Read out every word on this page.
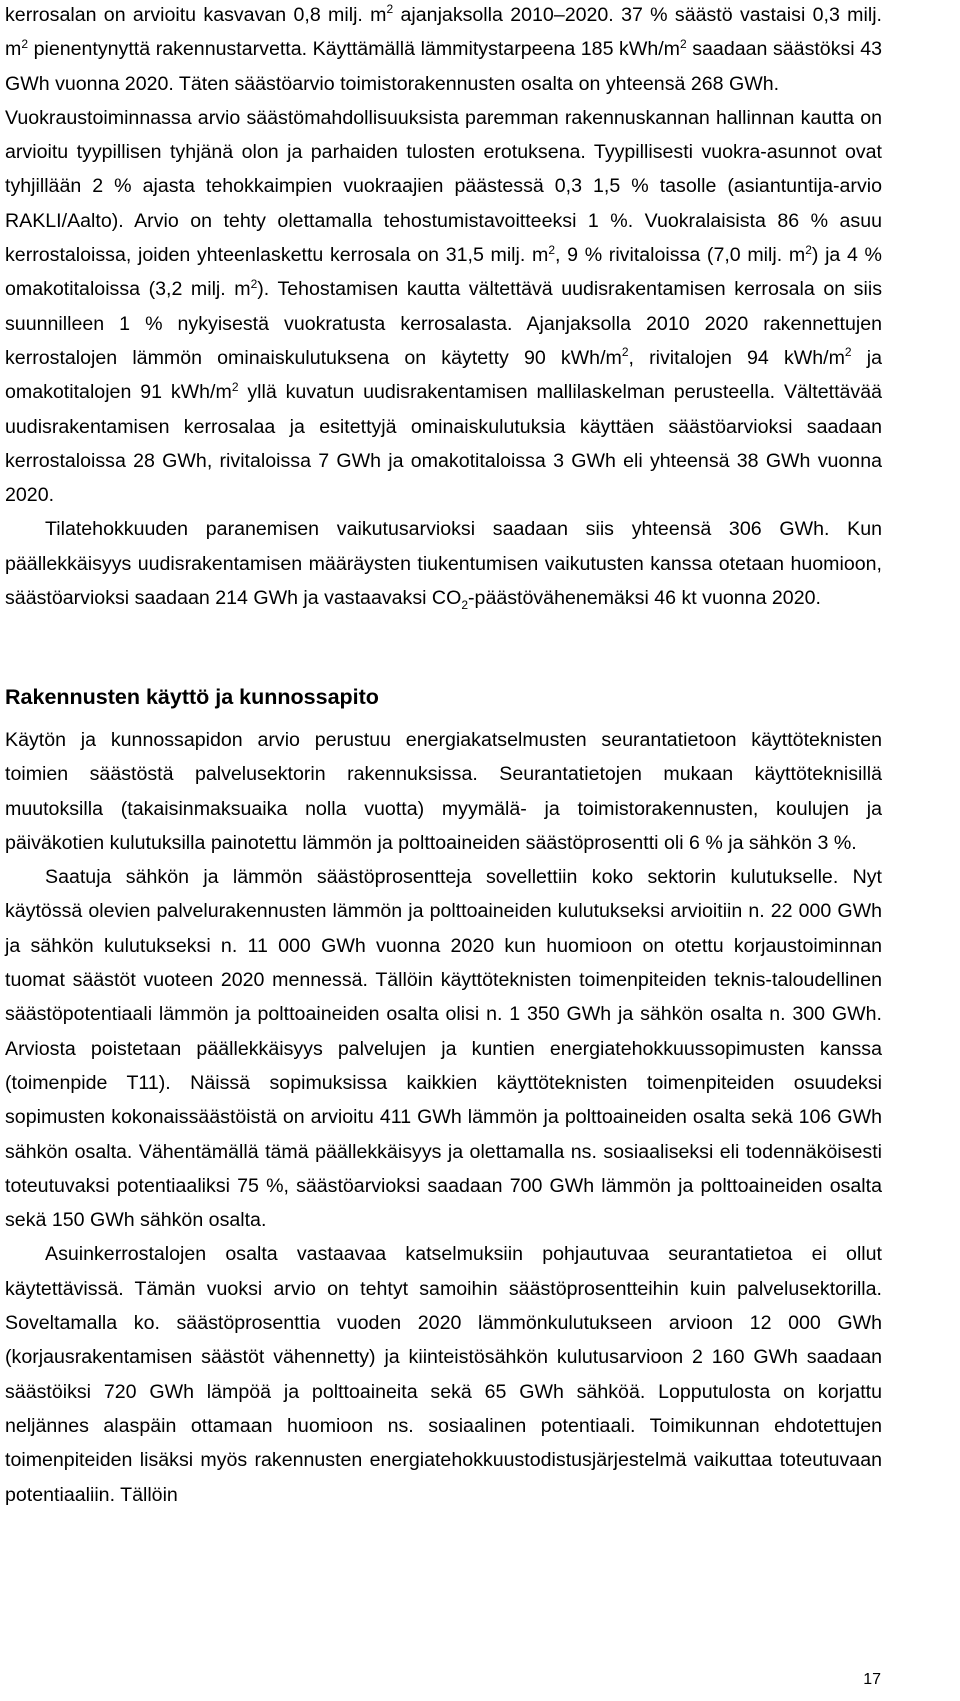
kerrosalan on arvioitu kasvavan 0,8 milj. $m^2$ ajanjaksolla 2010–2020. 37 % säästö vastaisi 0,3 milj. $m^2$ pienentynyttä rakennustarvetta. Käyttämällä lämmitystarpeena 185 kWh/$m^2$ saadaan säästöksi 43 GWh vuonna 2020. Täten säästöarvio toimistorakennusten osalta on yhteensä 268 GWh.

Vuokraustoiminnassa arvio säästömahdollisuuksista paremman rakennuskannan hallinnan kautta on arvioitu tyypillisen tyhjänä olon ja parhaiden tulosten erotuksena. Tyypillisesti vuokra-asunnot ovat tyhjillään 2 % ajasta tehokkaimpien vuokraajien päästessä 0,3 1,5 % tasolle (asiantuntija-arvio RAKLI/Aalto). Arvio on tehty olettamalla tehostumistavoitteeksi 1 %. Vuokralaisista 86 % asuu kerrostaloissa, joiden yhteenlaskettu kerrosala on 31,5 milj. $m^2$, 9 % rivitaloissa (7,0 milj. $m^2$) ja 4 % omakotitaloissa (3,2 milj. $m^2$). Tehostamisen kautta vältettävä uudisrakentamisen kerrosala on siis suunnilleen 1 % nykyisestä vuokratusta kerrosalasta. Ajanjaksolla 2010 2020 rakennettujen kerrostalojen lämmön ominaiskulutuksena on käytetty 90 kWh/$m^2$, rivitalojen 94 kWh/$m^2$ ja omakotitalojen 91 kWh/$m^2$ yllä kuvatun uudisrakentamisen mallilaskelman perusteella. Vältettävää uudisrakentamisen kerrosalaa ja esitettyjä ominaiskulutuksia käyttäen säästöarvioksi saadaan kerrostaloissa 28 GWh, rivitaloissa 7 GWh ja omakotitaloissa 3 GWh eli yhteensä 38 GWh vuonna 2020.

Tilatehokkuuden paranemisen vaikutusarvioksi saadaan siis yhteensä 306 GWh. Kun päällekkäisyys uudisrakentamisen määräysten tiukentumisen vaikutusten kanssa otetaan huomioon, säästöarvioksi saadaan 214 GWh ja vastaavaksi $CO_2$-päästövähenemäksi 46 kt vuonna 2020.

Rakennusten käyttö ja kunnossapito

Käytön ja kunnossapidon arvio perustuu energiakatselmusten seurantatietoon käyttöteknisten toimien säästöstä palvelusektorin rakennuksissa. Seurantatietojen mukaan käyttöteknisillä muutoksilla (takaisinmaksuaika nolla vuotta) myymälä- ja toimistorakennusten, koulujen ja päiväkotien kulutuksilla painotettu lämmön ja polttoaineiden säästöprosentti oli 6 % ja sähkön 3 %.

Saatuja sähkön ja lämmön säästöprosentteja sovellettiin koko sektorin kulutukselle. Nyt käytössä olevien palvelurakennusten lämmön ja polttoaineiden kulutukseksi arvioitiin n. 22 000 GWh ja sähkön kulutukseksi n. 11 000 GWh vuonna 2020 kun huomioon on otettu korjaustoiminnan tuomat säästöt vuoteen 2020 mennessä. Tällöin käyttöteknisten toimenpiteiden teknis-taloudellinen säästöpotentiaali lämmön ja polttoaineiden osalta olisi n. 1 350 GWh ja sähkön osalta n. 300 GWh. Arviosta poistetaan päällekkäisyys palvelujen ja kuntien energiatehokkuussopimusten kanssa (toimenpide T11). Näissä sopimuksissa kaikkien käyttöteknisten toimenpiteiden osuudeksi sopimusten kokonaissäästöistä on arvioitu 411 GWh lämmön ja polttoaineiden osalta sekä 106 GWh sähkön osalta. Vähentämällä tämä päällekkäisyys ja olettamalla ns. sosiaaliseksi eli todennäköisesti toteutuvaksi potentiaaliksi 75 %, säästöarvioksi saadaan 700 GWh lämmön ja polttoaineiden osalta sekä 150 GWh sähkön osalta.

Asuinkerrostalojen osalta vastaavaa katselmuksiin pohjautuvaa seurantatietoa ei ollut käytettävissä. Tämän vuoksi arvio on tehtyt samoihin säästöprosentteihin kuin palvelusektorilla. Soveltamalla ko. säästöprosenttia vuoden 2020 lämmönkulutukseen arvioon 12 000 GWh (korjausrakentamisen säästöt vähennetty) ja kiinteistösähkön kulutusarvioon 2 160 GWh saadaan säästöiksi 720 GWh lämpöä ja polttoaineita sekä 65 GWh sähköä. Lopputulosta on korjattu neljännes alaspäin ottamaan huomioon ns. sosiaalinen potentiaali. Toimikunnan ehdotettujen toimenpiteiden lisäksi myös rakennusten energiatehokkuustodistusjärjestelmä vaikuttaa toteutuvaan potentiaaliin. Tällöin

17
